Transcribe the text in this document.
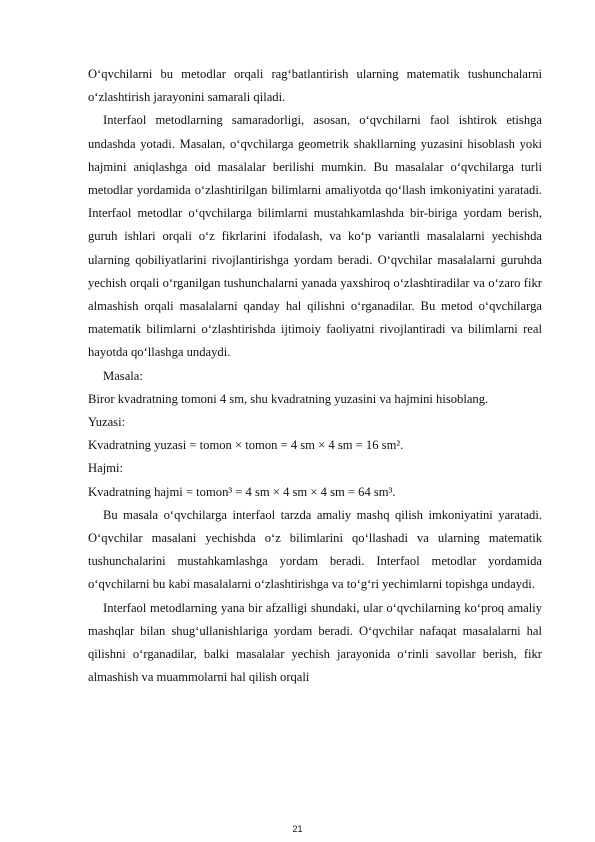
O‘qvchilarni bu metodlar orqali rag‘batlantirish ularning matematik tushunchalarni o‘zlashtirish jarayonini samarali qiladi.

Interfaol metodlarning samaradorligi, asosan, o‘qvchilarni faol ishtirok etishga undashda yotadi. Masalan, o‘qvchilarga geometrik shakllarning yuzasini hisoblash yoki hajmini aniqlashga oid masalalar berilishi mumkin. Bu masalalar o‘qvchilarga turli metodlar yordamida o‘zlashtirilgan bilimlarni amaliyotda qo‘llash imkoniyatini yaratadi. Interfaol metodlar o‘qvchilarga bilimlarni mustahkamlashda bir-biriga yordam berish, guruh ishlari orqali o‘z fikrlarini ifodalash, va ko‘p variantli masalalarni yechishda ularning qobiliyatlarini rivojlantirishga yordam beradi. O‘qvchilar masalalarni guruhda yechish orqali o‘rganilgan tushunchalarni yanada yaxshiroq o‘zlashtiradilar va o‘zaro fikr almashish orqali masalalarni qanday hal qilishni o‘rganadilar. Bu metod o‘qvchilarga matematik bilimlarni o‘zlashtirishda ijtimoiy faoliyatni rivojlantiradi va bilimlarni real hayotda qo‘llashga undaydi.

Masala:

Biror kvadratning tomoni 4 sm, shu kvadratning yuzasini va hajmini hisoblang.

Yuzasi:

Kvadratning yuzasi = tomon × tomon = 4 sm × 4 sm = 16 sm².

Hajmi:

Kvadratning hajmi = tomon³ = 4 sm × 4 sm × 4 sm = 64 sm³.

Bu masala o‘qvchilarga interfaol tarzda amaliy mashq qilish imkoniyatini yaratadi. O‘qvchilar masalani yechishda o‘z bilimlarini qo‘llashadi va ularning matematik tushunchalarini mustahkamlashga yordam beradi. Interfaol metodlar yordamida o‘qvchilarni bu kabi masalalarni o‘zlashtirishga va to‘g‘ri yechimlarni topishga undaydi.

Interfaol metodlarning yana bir afzalligi shundaki, ular o‘qvchilarning ko‘proq amaliy mashqlar bilan shug‘ullanishlariga yordam beradi. O‘qvchilar nafaqat masalalarni hal qilishni o‘rganadilar, balki masalalar yechish jarayonida o‘rinli savollar berish, fikr almashish va muammolarni hal qilish orqali

21
